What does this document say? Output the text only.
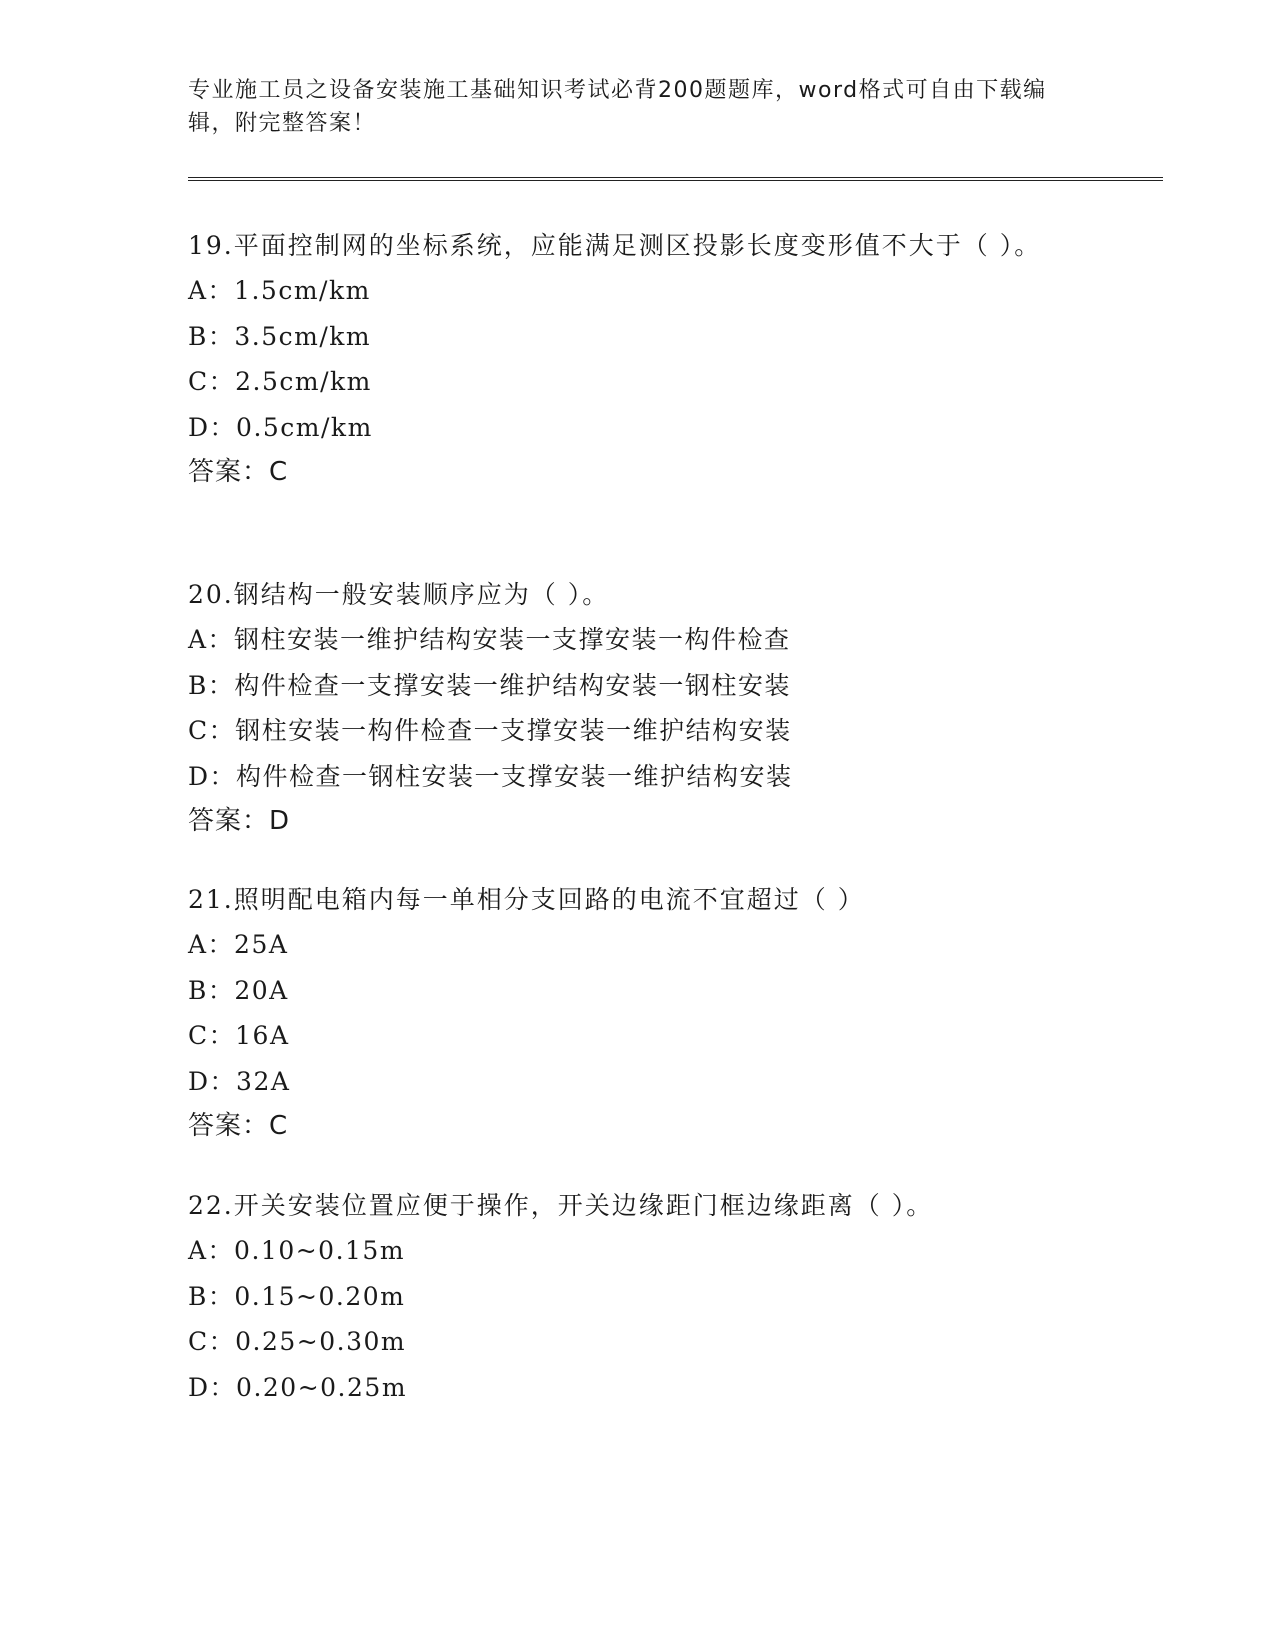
专业施工员之设备安装施工基础知识考试必背200题题库，word格式可自由下载编辑，附完整答案！

19.平面控制网的坐标系统，应能满足测区投影长度变形值不大于（ ）。

A：1.5cm/km

B：3.5cm/km

C：2.5cm/km

D：0.5cm/km

答案：C

20.钢结构一般安装顺序应为（ ）。

A：钢柱安装一维护结构安装一支撑安装一构件检查

B：构件检查一支撑安装一维护结构安装一钢柱安装

C：钢柱安装一构件检查一支撑安装一维护结构安装

D：构件检查一钢柱安装一支撑安装一维护结构安装

答案：D

21.照明配电箱内每一单相分支回路的电流不宜超过（ ）

A：25A

B：20A

C：16A

D：32A

答案：C

22.开关安装位置应便于操作，开关边缘距门框边缘距离（ ）。

A：0.10~0.15m

B：0.15~0.20m

C：0.25~0.30m

D：0.20~0.25m
